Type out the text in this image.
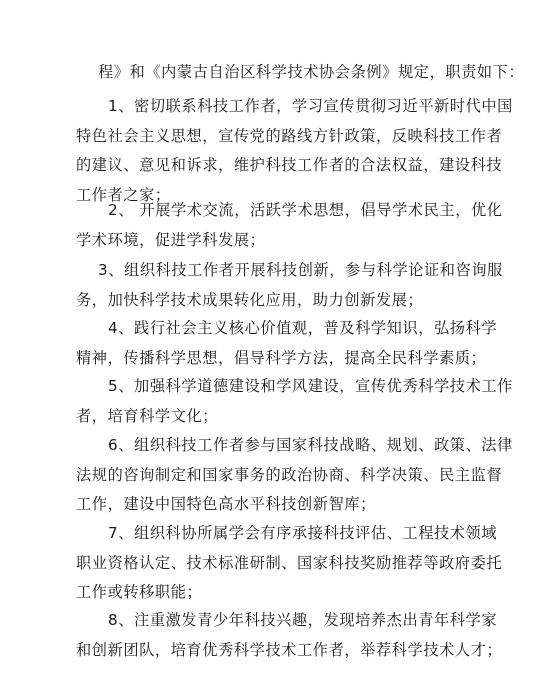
程》和《内蒙古自治区科学技术协会条例》规定，职责如下：

1、密切联系科技工作者，学习宣传贯彻习近平新时代中国
特色社会主义思想，宣传党的路线方针政策，反映科技工作者
的建议、意见和诉求，维护科技工作者的合法权益，建设科技
工作者之家；

2、 开展学术交流，活跃学术思想，倡导学术民主，优化
学术环境，促进学科发展；

3、组织科技工作者开展科技创新，参与科学论证和咨询服
务，加快科学技术成果转化应用，助力创新发展；

4、践行社会主义核心价值观，普及科学知识，弘扬科学
精神，传播科学思想，倡导科学方法，提高全民科学素质；

5、加强科学道德建设和学风建设，宣传优秀科学技术工作
者，培育科学文化；

6、组织科技工作者参与国家科技战略、规划、政策、法律
法规的咨询制定和国家事务的政治协商、科学决策、民主监督
工作，建设中国特色高水平科技创新智库；

7、组织科协所属学会有序承接科技评估、工程技术领域
职业资格认定、技术标准研制、国家科技奖励推荐等政府委托
工作或转移职能；

8、注重激发青少年科技兴趣，发现培养杰出青年科学家
和创新团队，培育优秀科学技术工作者，举荐科学技术人才；
